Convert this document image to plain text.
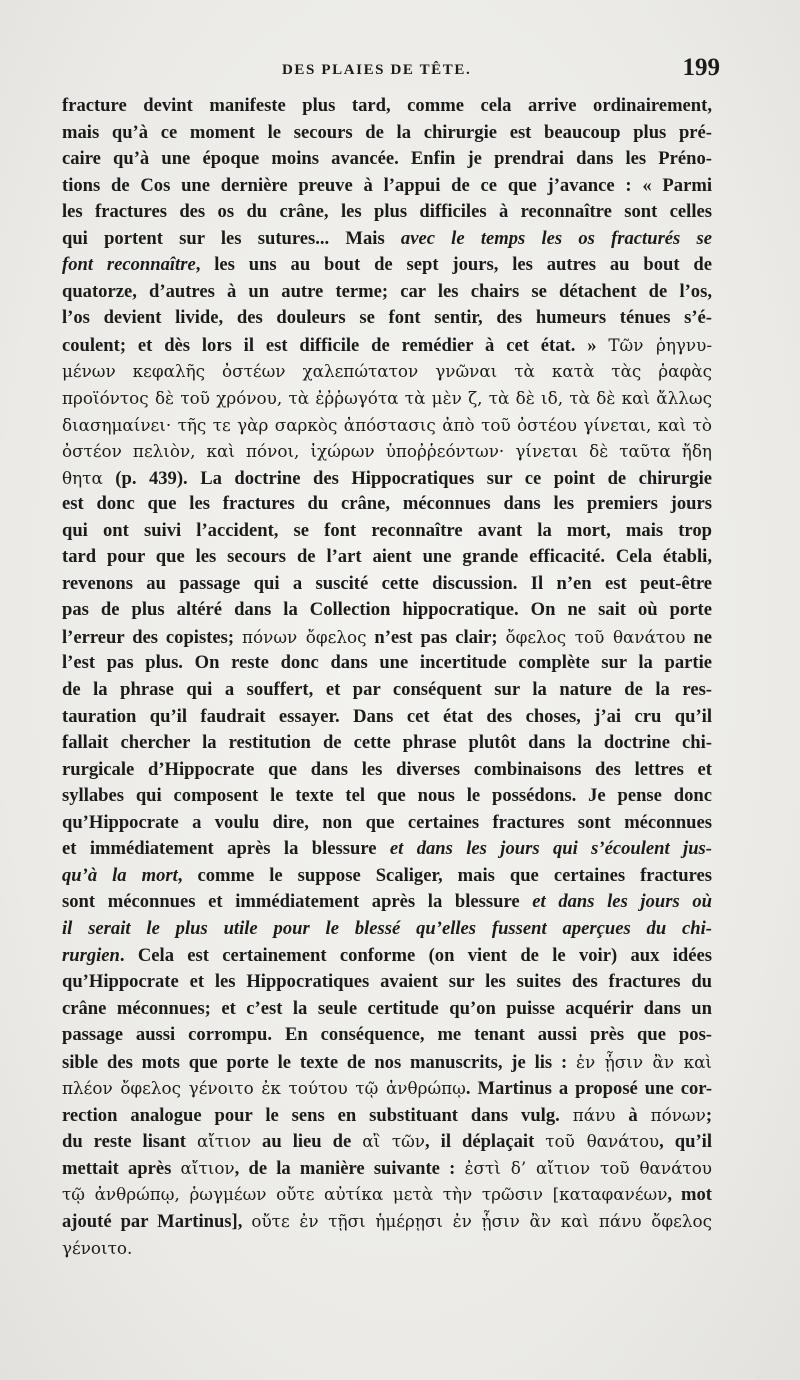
DES PLAIES DE TÊTE.	199
fracture devint manifeste plus tard, comme cela arrive ordinairement,
mais qu’à ce moment le secours de la chirurgie est beaucoup plus pré-
caire qu’à une époque moins avancée. Enfin je prendrai dans les Préno-
tions de Cos une dernière preuve à l’appui de ce que j’avance : « Parmi
les fractures des os du crâne, les plus difficiles à reconnaître sont celles
qui portent sur les sutures... Mais avec le temps les os fracturés se
font reconnaître, les uns au bout de sept jours, les autres au bout de
quatorze, d’autres à un autre terme; car les chairs se détachent de l’os,
l’os devient livide, des douleurs se font sentir, des humeurs ténues s’é-
coulent; et dès lors il est difficile de remédier à cet état. » Τῶν ῥηγνυ-
μένων κεφαλῆς ὀστέων χαλεπώτατον γνῶναι τὰ κατὰ τὰς ῥαφὰς
προϊόντος δὲ τοῦ χρόνου, τὰ ἐῤῥωγότα τὰ μὲν ζ, τὰ δὲ ιδ, τὰ δὲ καὶ ἄλλως
διασημαίνει· τῆς τε γὰρ σαρκὸς ἀπόστασις ἀπὸ τοῦ ὀστέου γίνεται, καὶ τὸ
ὀστέον πελιὸν, καὶ πόνοι, ἰχώρων ὑποῤῥεόντων· γίνεται δὲ ταῦτα ἤδη
θητα (p. 439). La doctrine des Hippocratiques sur ce point de chirurgie
est donc que les fractures du crâne, méconnues dans les premiers jours
qui ont suivi l’accident, se font reconnaître avant la mort, mais trop
tard pour que les secours de l’art aient une grande efficacité. Cela établi,
revenons au passage qui a suscité cette discussion. Il n’en est peut-être
pas de plus altéré dans la Collection hippocratique. On ne sait où porte
l’erreur des copistes; πόνων ὄφελος n’est pas clair; ὄφελος τοῦ θανάτου ne
l’est pas plus. On reste donc dans une incertitude complète sur la partie
de la phrase qui a souffert, et par conséquent sur la nature de la res-
tauration qu’il faudrait essayer. Dans cet état des choses, j’ai cru qu’il
fallait chercher la restitution de cette phrase plutôt dans la doctrine chi-
rurgicale d’Hippocrate que dans les diverses combinaisons des lettres et
syllabes qui composent le texte tel que nous le possédons. Je pense donc
qu’Hippocrate a voulu dire, non que certaines fractures sont méconnues
et immédiatement après la blessure et dans les jours qui s’écoulent jus-
qu’à la mort, comme le suppose Scaliger, mais que certaines fractures
sont méconnues et immédiatement après la blessure et dans les jours où
il serait le plus utile pour le blessé qu’elles fussent aperçues du chi-
rurgien. Cela est certainement conforme (on vient de le voir) aux idées
qu’Hippocrate et les Hippocratiques avaient sur les suites des fractures du
crâne méconnues; et c’est la seule certitude qu’on puisse acquérir dans un
passage aussi corrompu. En conséquence, me tenant aussi près que pos-
sible des mots que porte le texte de nos manuscrits, je lis : ἐν ᾗσιν ἂν καὶ
πλέον ὄφελος γένοιτο ἐκ τούτου τῷ ἀνθρώπῳ. Martinus a proposé une cor-
rection analogue pour le sens en substituant dans vulg. πάνυ à πόνων;
du reste lisant αἴτιον au lieu de αἲ τῶν, il déplaçait τοῦ θανάτου, qu’il
mettait après αἴτιον, de la manière suivante : ἐστὶ δ’ αἴτιον τοῦ θανάτου
τῷ ἀνθρώπῳ, ῥωγμέων οὔτε αὐτίκα μετὰ τὴν τρῶσιν [καταφανέων, mot
ajouté par Martinus], οὔτε ἐν τῇσι ἡμέρῃσι ἐν ᾗσιν ἂν καὶ πάνυ ὄφελος
γένοιτο.
